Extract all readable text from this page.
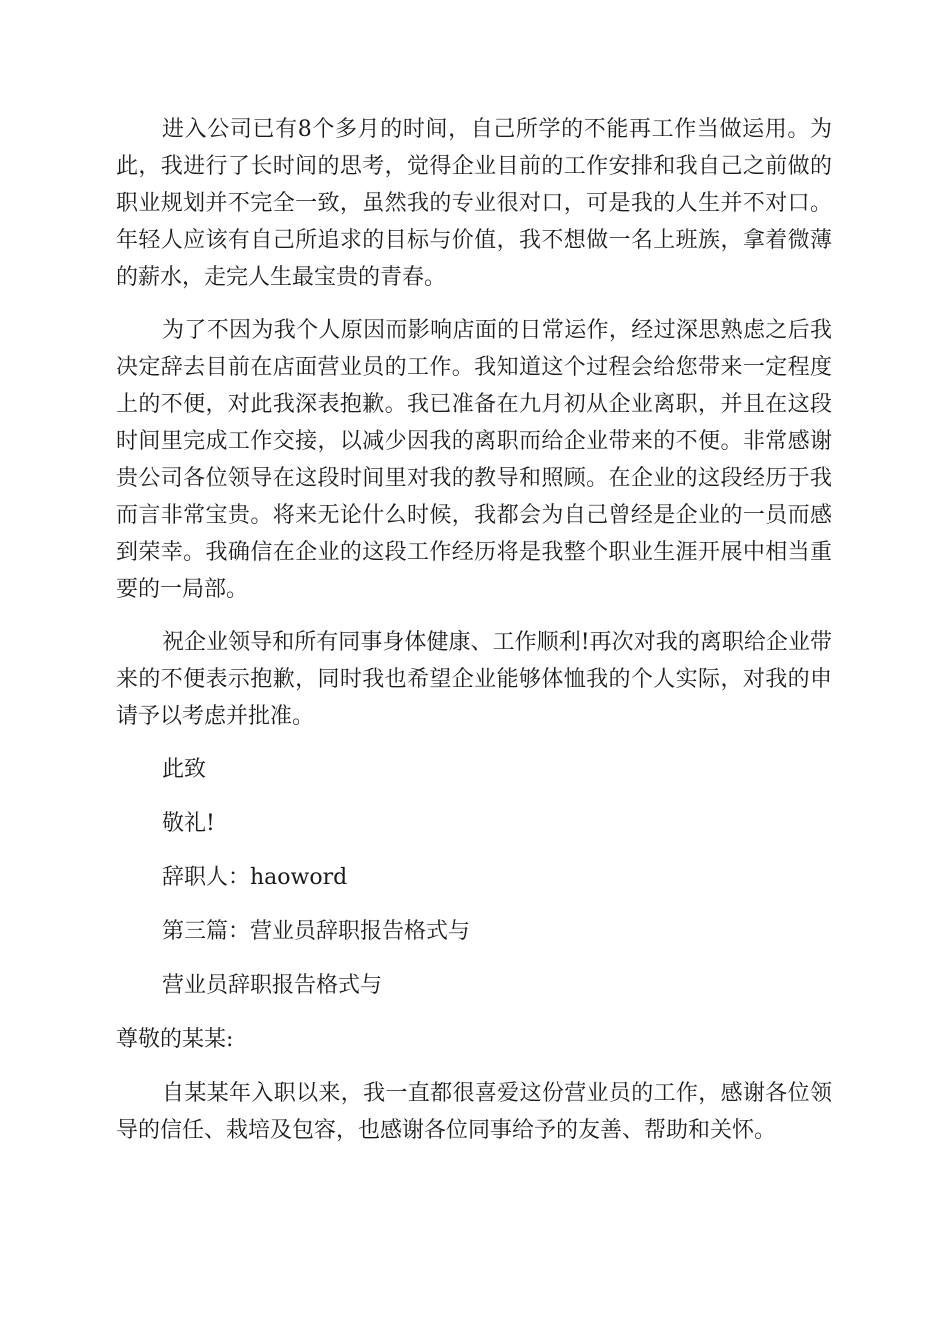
进入公司已有8个多月的时间，自己所学的不能再工作当做运用。为此，我进行了长时间的思考，觉得企业目前的工作安排和我自己之前做的职业规划并不完全一致，虽然我的专业很对口，可是我的人生并不对口。年轻人应该有自己所追求的目标与价值，我不想做一名上班族，拿着微薄的薪水，走完人生最宝贵的青春。

为了不因为我个人原因而影响店面的日常运作，经过深思熟虑之后我决定辞去目前在店面营业员的工作。我知道这个过程会给您带来一定程度上的不便，对此我深表抱歉。我已准备在九月初从企业离职，并且在这段时间里完成工作交接，以减少因我的离职而给企业带来的不便。非常感谢贵公司各位领导在这段时间里对我的教导和照顾。在企业的这段经历于我而言非常宝贵。将来无论什么时候，我都会为自己曾经是企业的一员而感到荣幸。我确信在企业的这段工作经历将是我整个职业生涯开展中相当重要的一局部。

祝企业领导和所有同事身体健康、工作顺利!再次对我的离职给企业带来的不便表示抱歉，同时我也希望企业能够体恤我的个人实际，对我的申请予以考虑并批准。

此致

敬礼!

辞职人：haoword

第三篇：营业员辞职报告格式与

营业员辞职报告格式与

尊敬的某某:

自某某年入职以来，我一直都很喜爱这份营业员的工作，感谢各位领导的信任、栽培及包容，也感谢各位同事给予的友善、帮助和关怀。
